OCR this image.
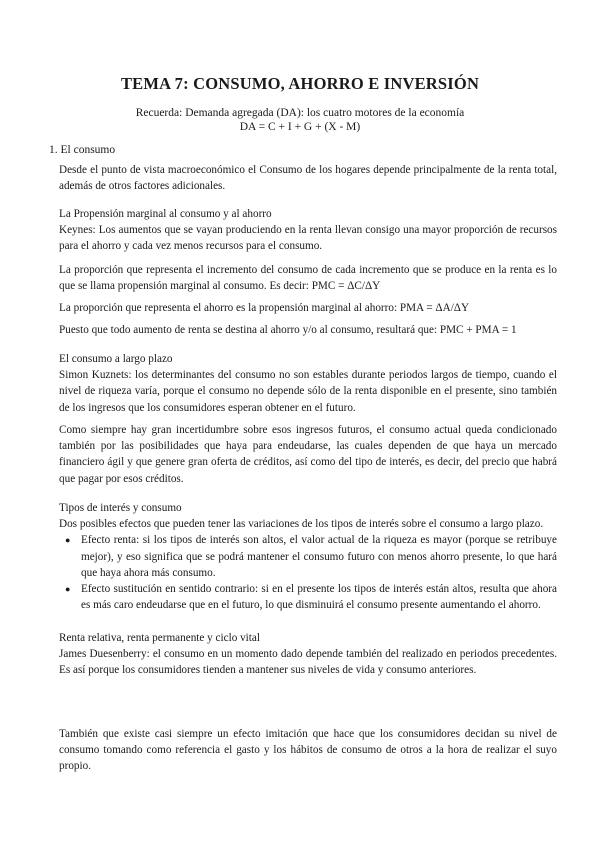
TEMA 7: CONSUMO, AHORRO E INVERSIÓN
Recuerda: Demanda agregada (DA): los cuatro motores de la economía
DA = C + I + G + (X - M)
1. El consumo

Desde el punto de vista macroeconómico el Consumo de los hogares depende principalmente de la renta total, además de otros factores adicionales.

La Propensión marginal al consumo y al ahorro

Keynes: Los aumentos que se vayan produciendo en la renta llevan consigo una mayor proporción de recursos para el ahorro y cada vez menos recursos para el consumo.

La proporción que representa el incremento del consumo de cada incremento que se produce en la renta es lo que se llama propensión marginal al consumo. Es decir: PMC = ΔC/ΔY

La proporción que representa el ahorro es la propensión marginal al ahorro: PMA = ΔA/ΔY

Puesto que todo aumento de renta se destina al ahorro y/o al consumo, resultará que: PMC + PMA = 1

El consumo a largo plazo

Simon Kuznets: los determinantes del consumo no son estables durante periodos largos de tiempo, cuando el nivel de riqueza varía, porque el consumo no depende sólo de la renta disponible en el presente, sino también de los ingresos que los consumidores esperan obtener en el futuro.

Como siempre hay gran incertidumbre sobre esos ingresos futuros, el consumo actual queda condicionado también por las posibilidades que haya para endeudarse, las cuales dependen de que haya un mercado financiero ágil y que genere gran oferta de créditos, así como del tipo de interés, es decir, del precio que habrá que pagar por esos créditos.

Tipos de interés y consumo

Dos posibles efectos que pueden tener las variaciones de los tipos de interés sobre el consumo a largo plazo.

● Efecto renta: si los tipos de interés son altos, el valor actual de la riqueza es mayor (porque se retribuye mejor), y eso significa que se podrá mantener el consumo futuro con menos ahorro presente, lo que hará que haya ahora más consumo.
● Efecto sustitución en sentido contrario: si en el presente los tipos de interés están altos, resulta que ahora es más caro endeudarse que en el futuro, lo que disminuirá el consumo presente aumentando el ahorro.

Renta relativa, renta permanente y ciclo vital

James Duesenberry: el consumo en un momento dado depende también del realizado en periodos precedentes. Es así porque los consumidores tienden a mantener sus niveles de vida y consumo anteriores.

También que existe casi siempre un efecto imitación que hace que los consumidores decidan su nivel de consumo tomando como referencia el gasto y los hábitos de consumo de otros a la hora de realizar el suyo propio.
